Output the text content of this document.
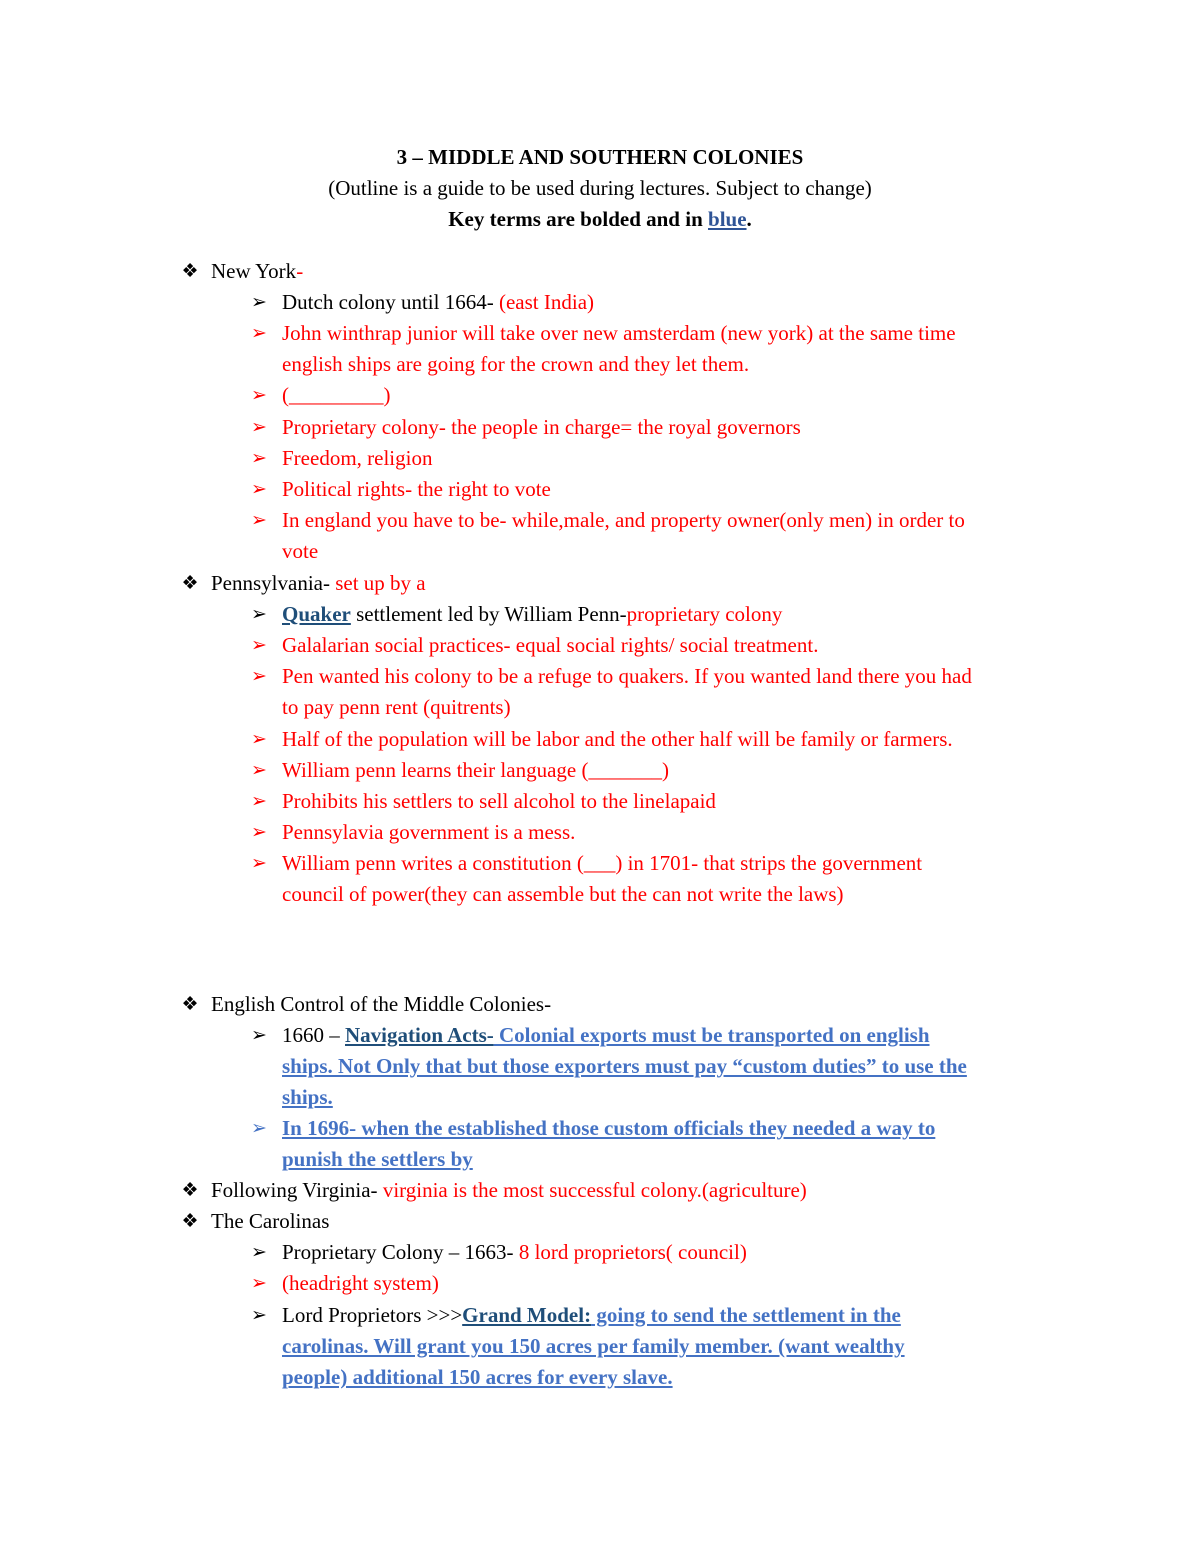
3 – MIDDLE AND SOUTHERN COLONIES
(Outline is a guide to be used during lectures. Subject to change)
Key terms are bolded and in blue.
❖ New York-
➢ Dutch colony until 1664- (east India)
➢ John winthrap junior will take over new amsterdam (new york) at the same time
english ships are going for the crown and they let them.
➢ (_________)
➢ Proprietary colony- the people in charge= the royal governors
➢ Freedom, religion
➢ Political rights- the right to vote
➢ In england you have to be- while,male, and property owner(only men) in order to
vote
❖ Pennsylvania- set up by a
➢ Quaker settlement led by William Penn-proprietary colony
➢ Galalarian social practices- equal social rights/ social treatment.
➢ Pen wanted his colony to be a refuge to quakers. If you wanted land there you had
to pay penn rent (quitrents)
➢ Half of the population will be labor and the other half will be family or farmers.
➢ William penn learns their language (_______)
➢ Prohibits his settlers to sell alcohol to the linelapaid
➢ Pennsylavia government is a mess.
➢ William penn writes a constitution (___) in 1701- that strips the government
council of power(they can assemble but the can not write the laws)
❖ English Control of the Middle Colonies-
➢ 1660 – Navigation Acts- Colonial exports must be transported on english
ships. Not Only that but those exporters must pay “custom duties” to use the
ships.
➢ In 1696- when the established those custom officials they needed a way to
punish the settlers by
❖ Following Virginia- virginia is the most successful colony.(agriculture)
❖ The Carolinas
➢ Proprietary Colony – 1663- 8 lord proprietors( council)
➢ (headright system)
➢ Lord Proprietors >>>Grand Model: going to send the settlement in the
carolinas. Will grant you 150 acres per family member. (want wealthy
people) additional 150 acres for every slave.
